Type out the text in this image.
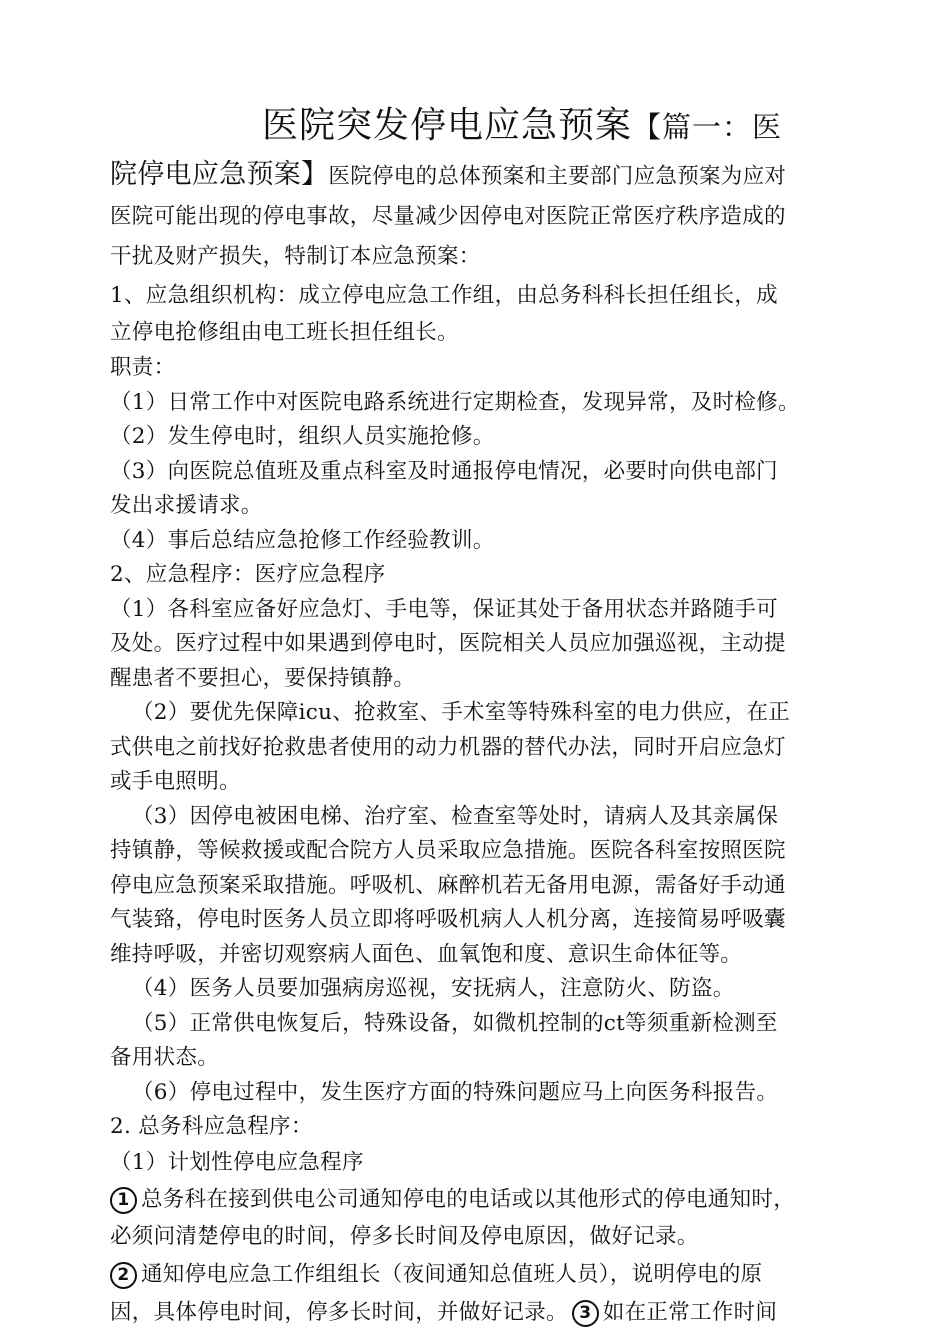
医院突发停电应急预案【篇一：医

院停电应急预案】医院停电的总体预案和主要部门应急预案为应对

医院可能出现的停电事故，尽量减少因停电对医院正常医疗秩序造成的

干扰及财产损失，特制订本应急预案：

1、应急组织机构：成立停电应急工作组，由总务科科长担任组长，成

立停电抢修组由电工班长担任组长。

职责：

（1）日常工作中对医院电路系统进行定期检查，发现异常，及时检修。

（2）发生停电时，组织人员实施抢修。

（3）向医院总值班及重点科室及时通报停电情况，必要时向供电部门

发出求援请求。

（4）事后总结应急抢修工作经验教训。

2、应急程序：医疗应急程序

（1）各科室应备好应急灯、手电等，保证其处于备用状态并路随手可

及处。医疗过程中如果遇到停电时，医院相关人员应加强巡视，主动提

醒患者不要担心，要保持镇静。

（2）要优先保障icu、抢救室、手术室等特殊科室的电力供应，在正

式供电之前找好抢救患者使用的动力机器的替代办法，同时开启应急灯

或手电照明。

（3）因停电被困电梯、治疗室、检查室等处时，请病人及其亲属保

持镇静，等候救援或配合院方人员采取应急措施。医院各科室按照医院

停电应急预案采取措施。呼吸机、麻醉机若无备用电源，需备好手动通

气装臵，停电时医务人员立即将呼吸机病人人机分离，连接简易呼吸囊

维持呼吸，并密切观察病人面色、血氧饱和度、意识生命体征等。

（4）医务人员要加强病房巡视，安抚病人，注意防火、防盗。

（5）正常供电恢复后，特殊设备，如微机控制的ct等须重新检测至

备用状态。

（6）停电过程中，发生医疗方面的特殊问题应马上向医务科报告。

2. 总务科应急程序：

（1）计划性停电应急程序

1 总务科在接到供电公司通知停电的电话或以其他形式的停电通知时，

必须问清楚停电的时间，停多长时间及停电原因，做好记录。

2 通知停电应急工作组组长（夜间通知总值班人员），说明停电的原

因，具体停电时间，停多长时间，并做好记录。 3 如在正常工作时间
